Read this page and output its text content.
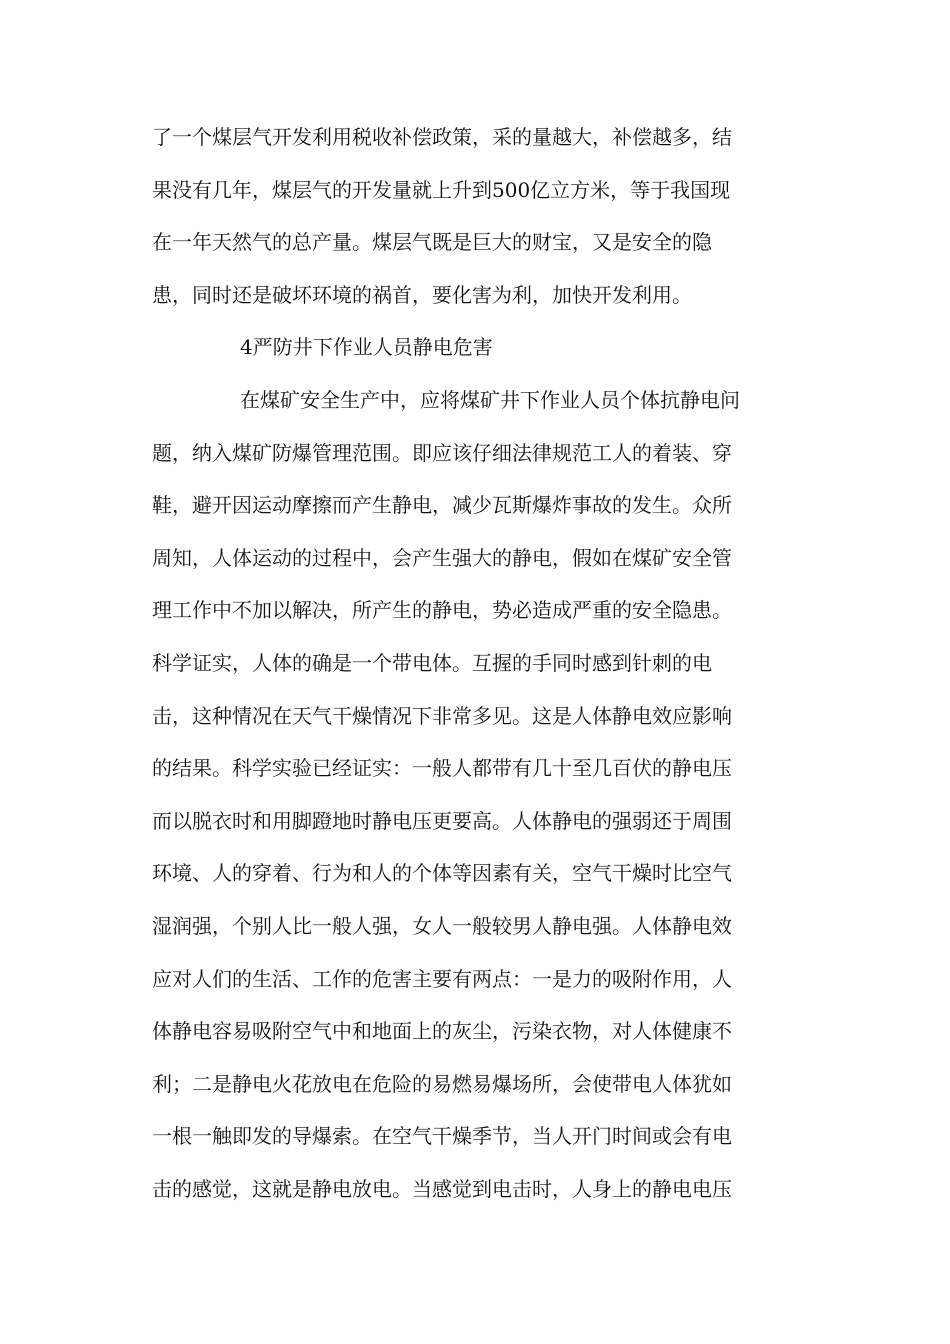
了一个煤层气开发利用税收补偿政策，采的量越大，补偿越多，结
果没有几年，煤层气的开发量就上升到500亿立方米，等于我国现
在一年天然气的总产量。煤层气既是巨大的财宝，又是安全的隐
患，同时还是破坏环境的祸首，要化害为利，加快开发利用。
4严防井下作业人员静电危害
在煤矿安全生产中，应将煤矿井下作业人员个体抗静电问
题，纳入煤矿防爆管理范围。即应该仔细法律规范工人的着装、穿
鞋，避开因运动摩擦而产生静电，减少瓦斯爆炸事故的发生。众所
周知，人体运动的过程中，会产生强大的静电，假如在煤矿安全管
理工作中不加以解决，所产生的静电，势必造成严重的安全隐患。
科学证实，人体的确是一个带电体。互握的手同时感到针刺的电
击，这种情况在天气干燥情况下非常多见。这是人体静电效应影响
的结果。科学实验已经证实：一般人都带有几十至几百伏的静电压
而以脱衣时和用脚蹬地时静电压更要高。人体静电的强弱还于周围
环境、人的穿着、行为和人的个体等因素有关，空气干燥时比空气
湿润强，个别人比一般人强，女人一般较男人静电强。人体静电效
应对人们的生活、工作的危害主要有两点：一是力的吸附作用，人
体静电容易吸附空气中和地面上的灰尘，污染衣物，对人体健康不
利；二是静电火花放电在危险的易燃易爆场所，会使带电人体犹如
一根一触即发的导爆索。在空气干燥季节，当人开门时间或会有电
击的感觉，这就是静电放电。当感觉到电击时，人身上的静电电压
